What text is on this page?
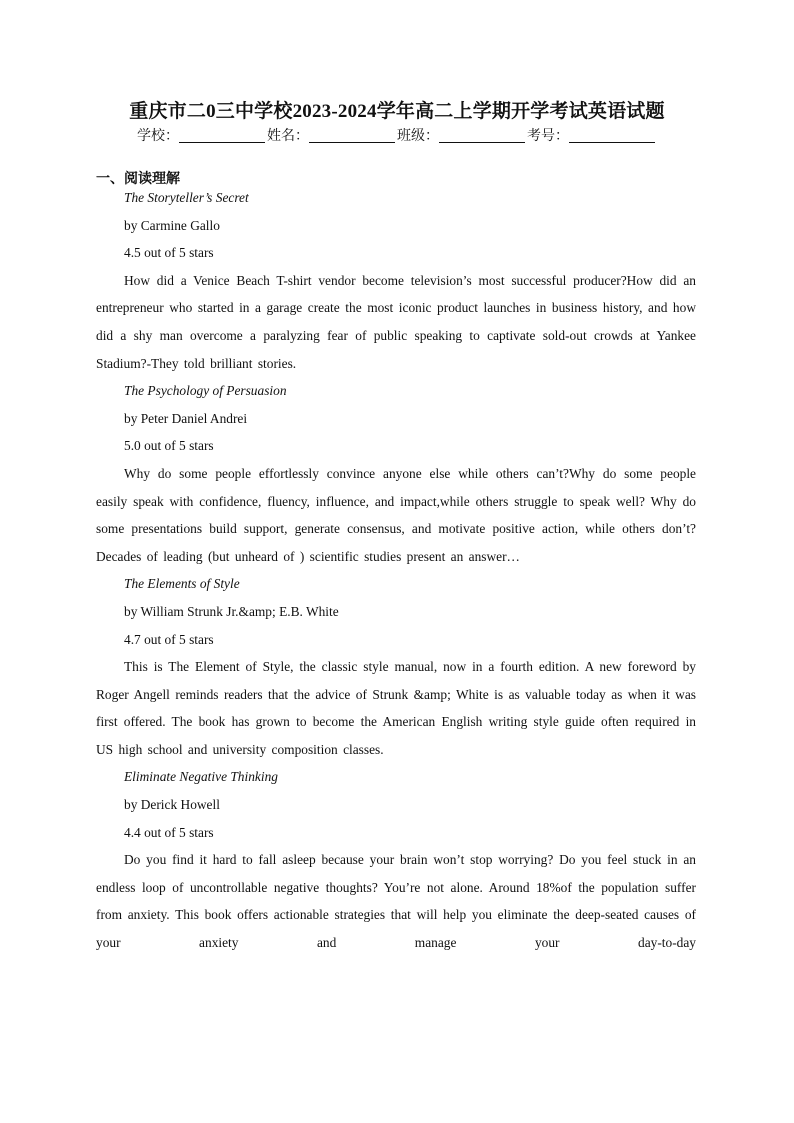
重庆市二0三中学校2023-2024学年高二上学期开学考试英语试题
学校：	姓名：	班级：	考号：
一、阅读理解

The Storyteller’s Secret

by Carmine Gallo

4.5 out of 5 stars

How did a Venice Beach T-shirt vendor become television’s most successful producer?How did an entrepreneur who started in a garage create the most iconic product launches in business history, and how did a shy man overcome a paralyzing fear of public speaking to captivate sold-out crowds at Yankee Stadium?-They told brilliant stories.

The Psychology of Persuasion

by Peter Daniel Andrei

5.0 out of 5 stars

Why do some people effortlessly convince anyone else while others can’t?Why do some people easily speak with confidence, fluency, influence, and impact,while others struggle to speak well? Why do some presentations build support, generate consensus, and motivate positive action, while others don’t? Decades of leading (but unheard of ) scientific studies present an answer…

The Elements of Style

by William Strunk Jr.&amp; E.B. White

4.7 out of 5 stars

This is The Element of Style, the classic style manual, now in a fourth edition. A new foreword by Roger Angell reminds readers that the advice of Strunk &amp; White is as valuable today as when it was first offered. The book has grown to become the American English writing style guide often required in US high school and university composition classes.

Eliminate Negative Thinking

by Derick Howell

4.4 out of 5 stars

Do you find it hard to fall asleep because your brain won’t stop worrying? Do you feel stuck in an endless loop of uncontrollable negative thoughts? You’re not alone. Around 18%of the population suffer from anxiety. This book offers actionable strategies that will help you eliminate the deep-seated causes of your anxiety and manage your day-to-day
